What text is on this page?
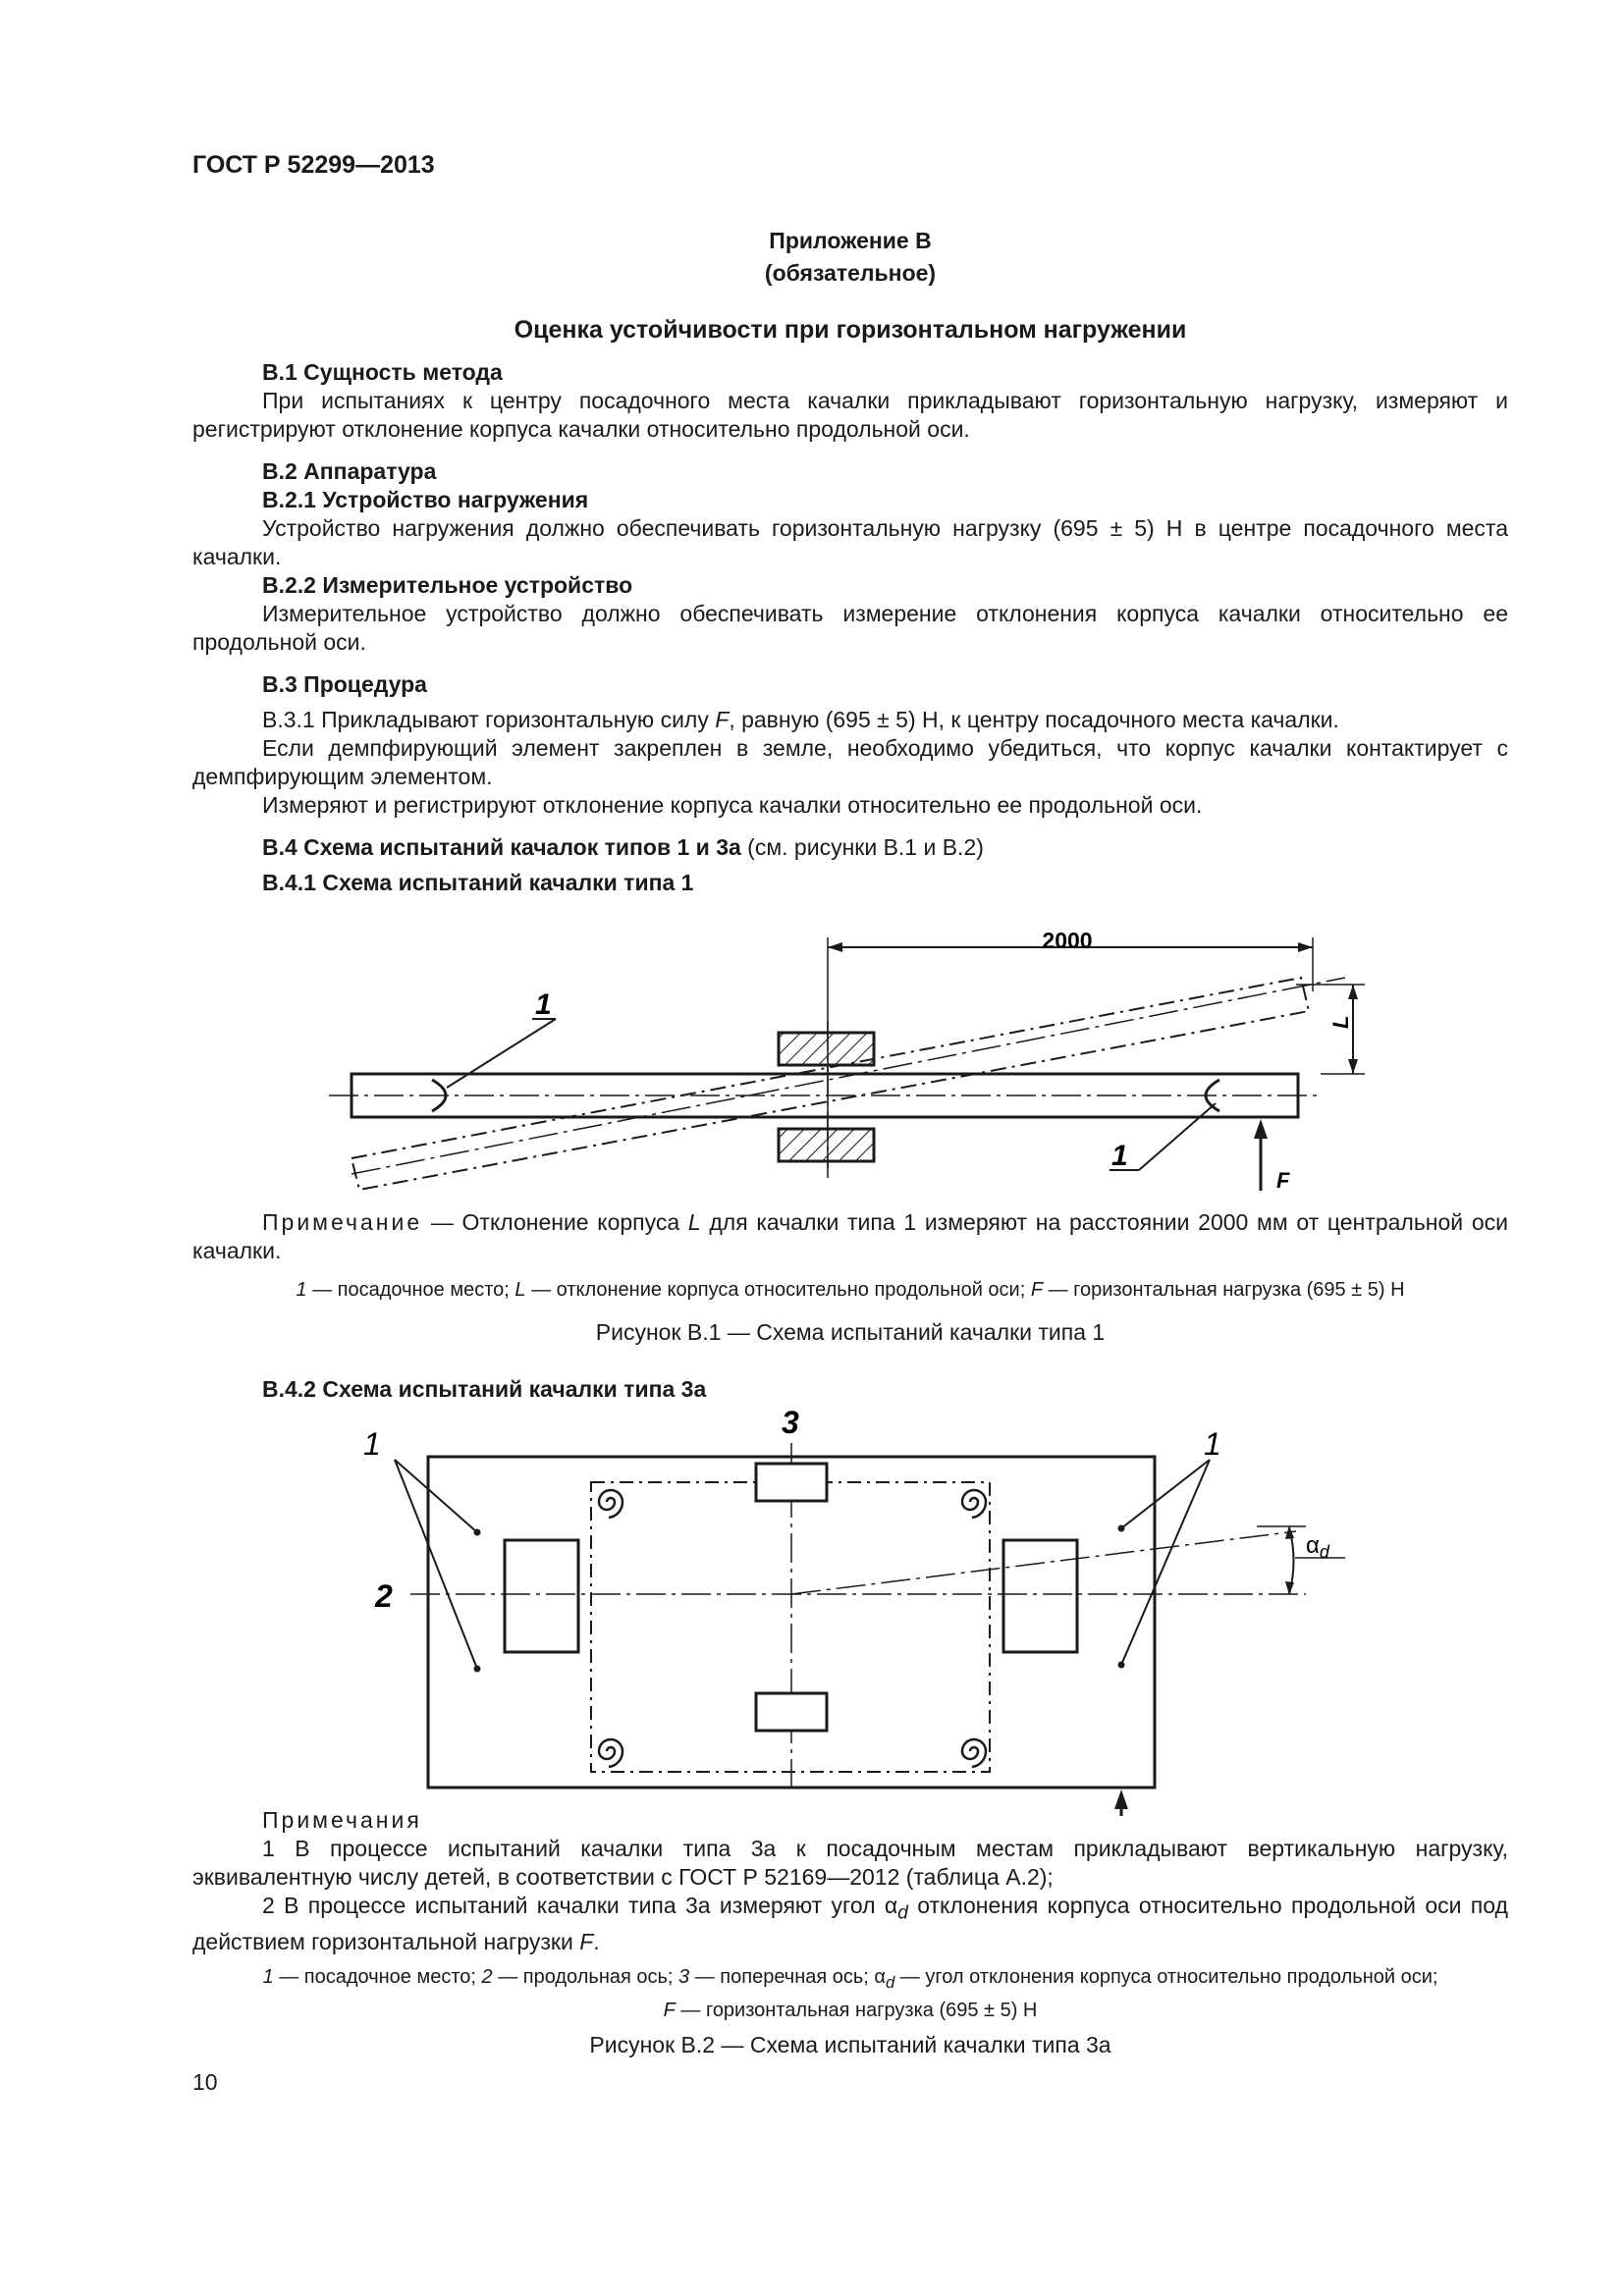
ГОСТ Р 52299—2013
Приложение В
(обязательное)
Оценка устойчивости при горизонтальном нагружении

В.1 Сущность метода

При испытаниях к центру посадочного места качалки прикладывают горизонтальную нагрузку, измеряют и регистрируют отклонение корпуса качалки относительно продольной оси.

В.2 Аппаратура

В.2.1 Устройство нагружения

Устройство нагружения должно обеспечивать горизонтальную нагрузку (695 ± 5) Н в центре посадочного места качалки.

В.2.2 Измерительное устройство

Измерительное устройство должно обеспечивать измерение отклонения корпуса качалки относительно ее продольной оси.

В.3 Процедура

В.3.1 Прикладывают горизонтальную силу F, равную (695 ± 5) Н, к центру посадочного места качалки.

Если демпфирующий элемент закреплен в земле, необходимо убедиться, что корпус качалки контактирует с демпфирующим элементом.

Измеряют и регистрируют отклонение корпуса качалки относительно ее продольной оси.

В.4 Схема испытаний качалок типов 1 и 3а (см. рисунки В.1 и В.2)

В.4.1 Схема испытаний качалки типа 1

2000
1
1
L
F

Примечание — Отклонение корпуса L для качалки типа 1 измеряют на расстоянии 2000 мм от центральной оси качалки.

1 — посадочное место; L — отклонение корпуса относительно продольной оси; F — горизонтальная нагрузка (695 ± 5) Н
Рисунок В.1 — Схема испытаний качалки типа 1

В.4.2 Схема испытаний качалки типа 3а

1	1
2
3
$\alpha_d$

Примечания

1 В процессе испытаний качалки типа 3а к посадочным местам прикладывают вертикальную нагрузку, эквивалентную числу детей, в соответствии с ГОСТ Р 52169—2012 (таблица А.2);

2 В процессе испытаний качалки типа 3а измеряют угол $\alpha_d$ отклонения корпуса относительно продольной оси под действием горизонтальной нагрузки F.

1 — посадочное место; 2 — продольная ось; 3 — поперечная ось; $\alpha_d$ — угол отклонения корпуса относительно продольной оси;
F — горизонтальная нагрузка (695 ± 5) Н
Рисунок В.2 — Схема испытаний качалки типа 3а
10
